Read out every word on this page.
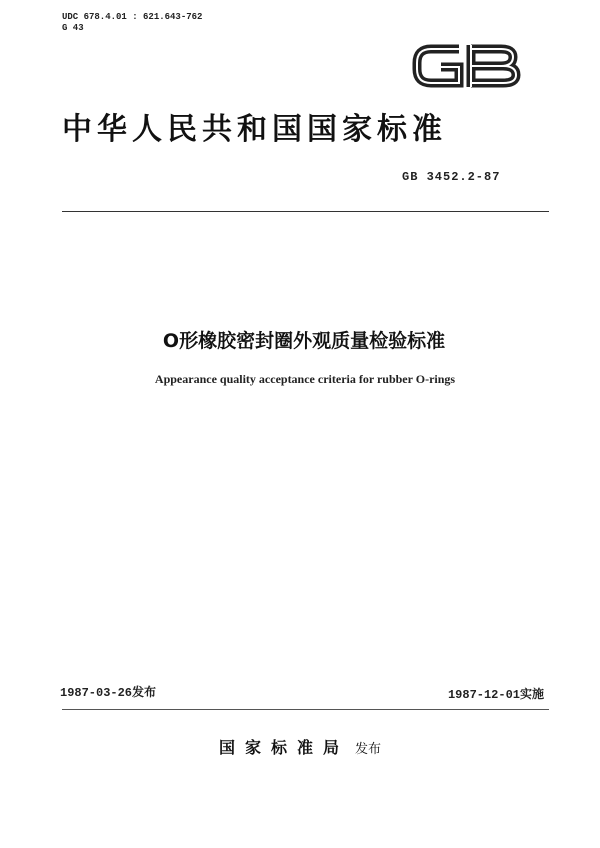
UDC 678.4.01 : 621.643-762
G 43
中华人民共和国国家标准
GB 3452.2-87
O形橡胶密封圈外观质量检验标准
Appearance quality acceptance criteria for rubber O-rings
1987-03-26发布	1987-12-01实施
国家标准局 发布
